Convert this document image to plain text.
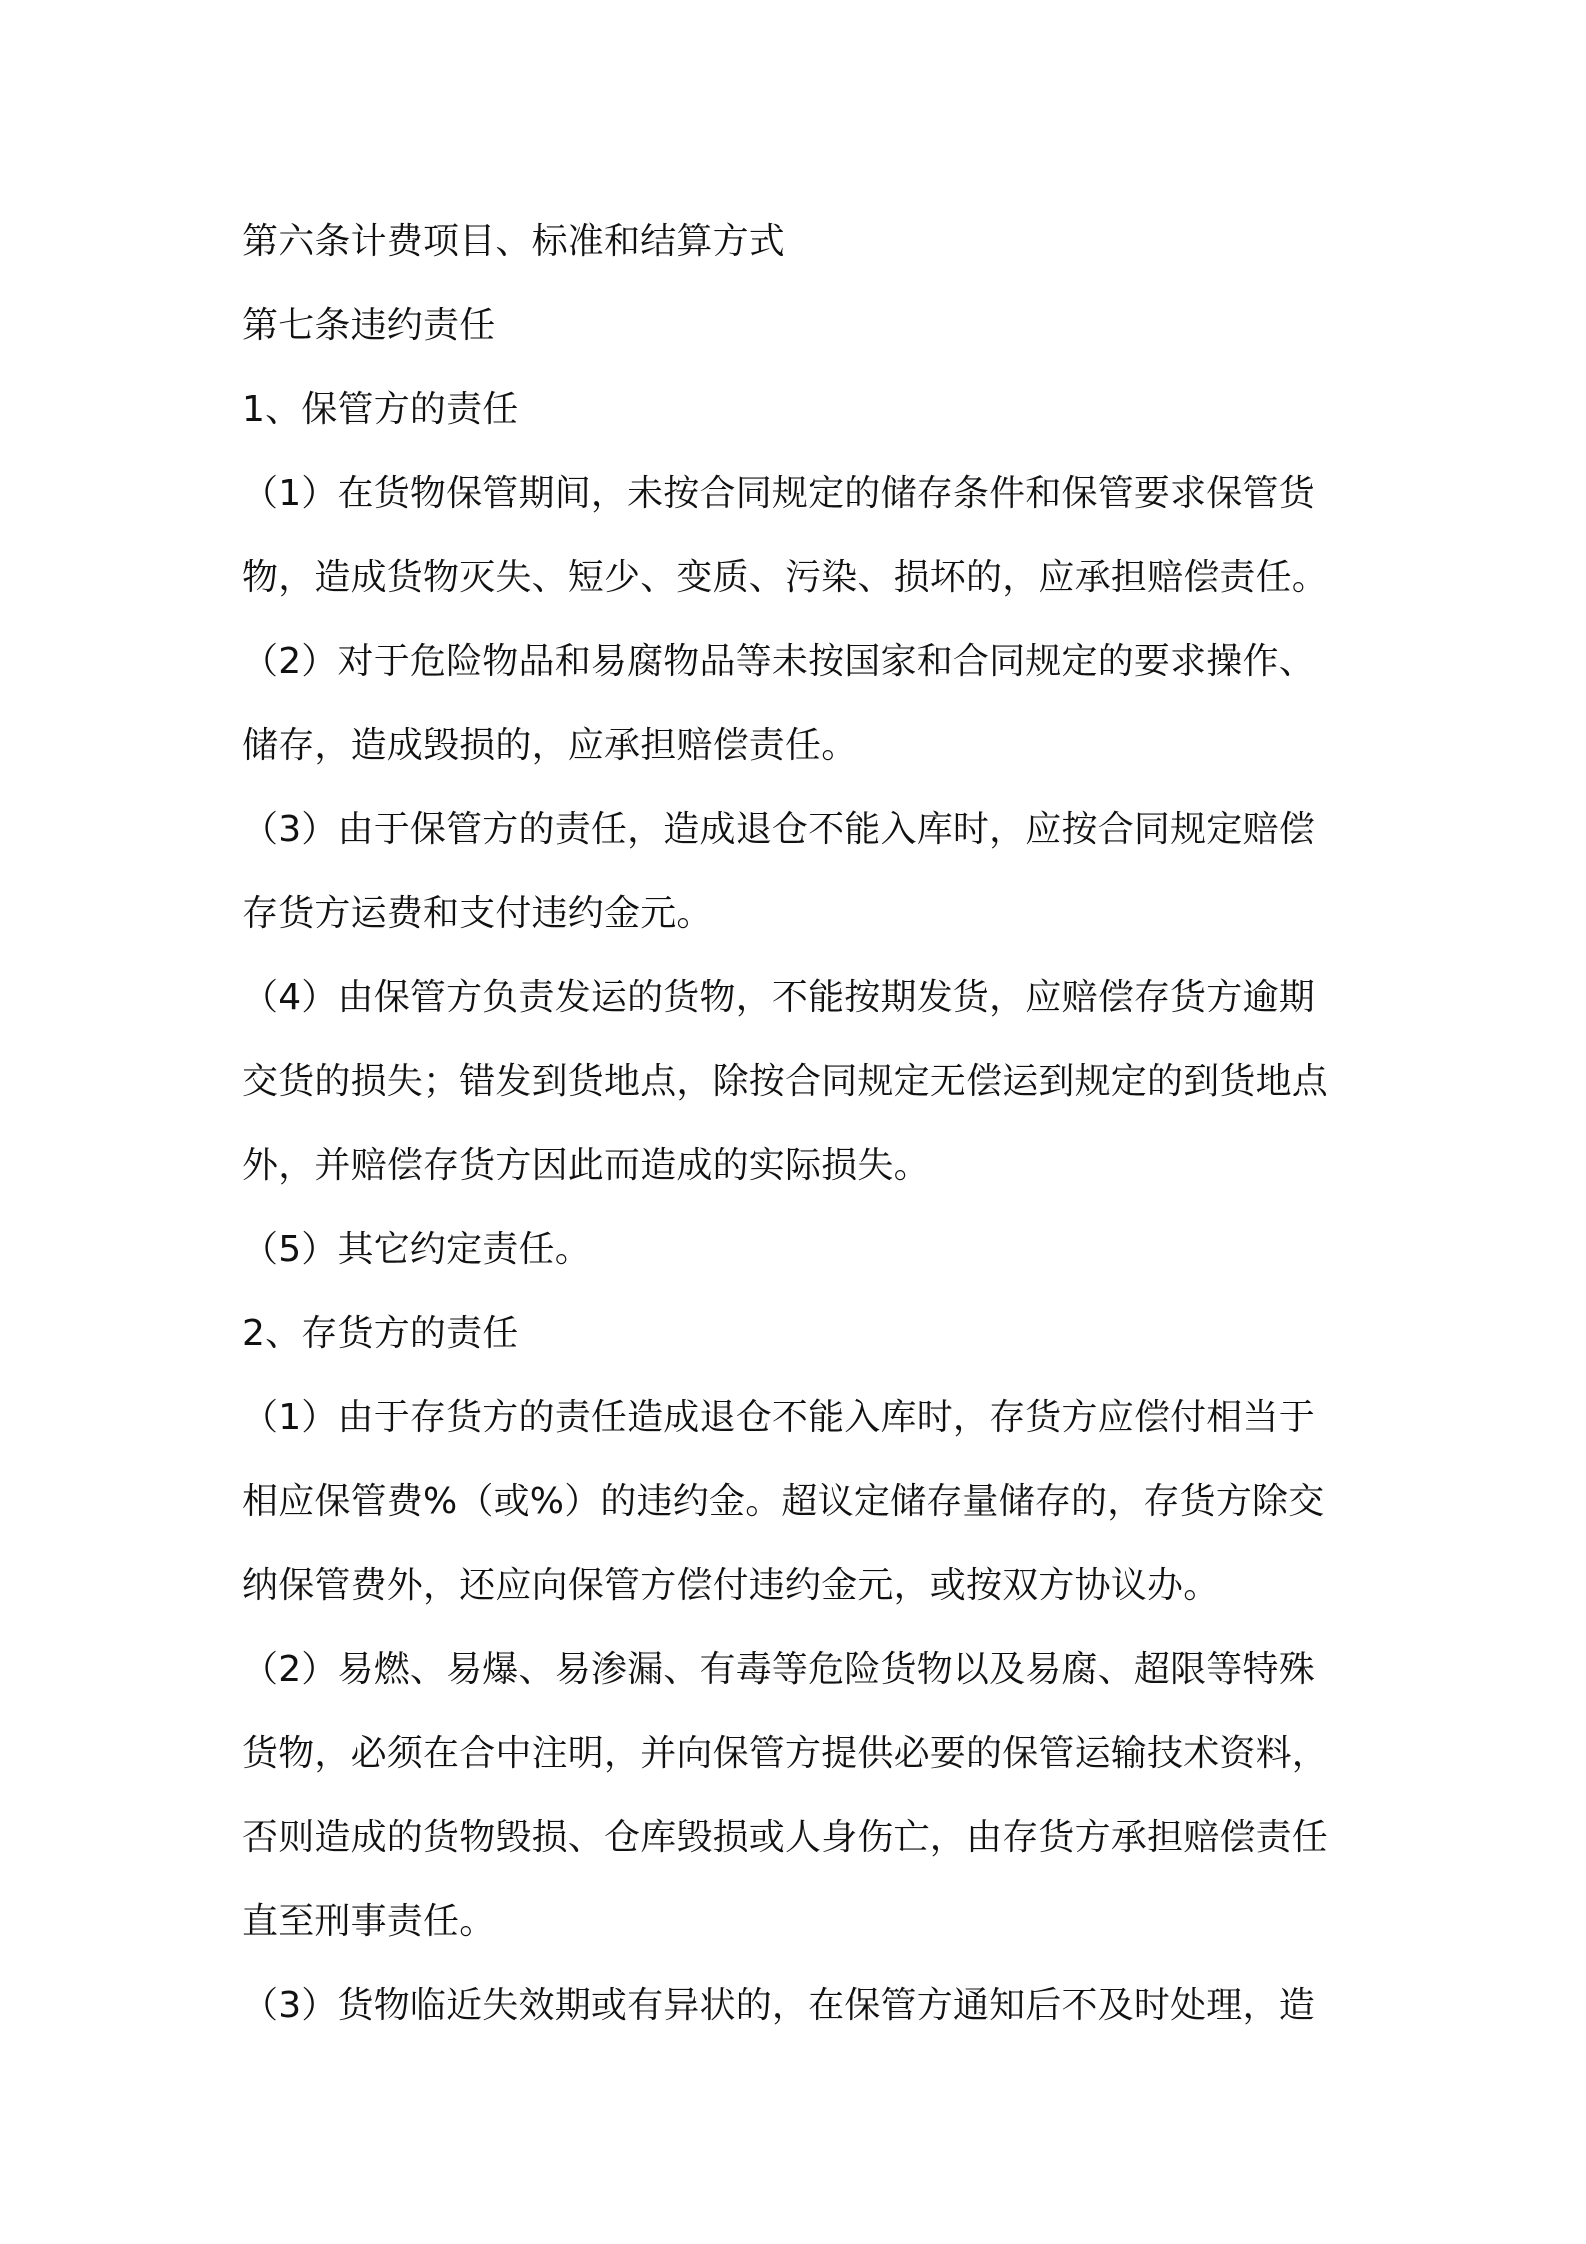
第六条计费项目、标准和结算方式
第七条违约责任
1、保管方的责任
（1）在货物保管期间，未按合同规定的储存条件和保管要求保管货
物，造成货物灭失、短少、变质、污染、损坏的，应承担赔偿责任。
（2）对于危险物品和易腐物品等未按国家和合同规定的要求操作、
储存，造成毁损的，应承担赔偿责任。
（3）由于保管方的责任，造成退仓不能入库时，应按合同规定赔偿
存货方运费和支付违约金元。
（4）由保管方负责发运的货物，不能按期发货，应赔偿存货方逾期
交货的损失；错发到货地点，除按合同规定无偿运到规定的到货地点
外，并赔偿存货方因此而造成的实际损失。
（5）其它约定责任。
2、存货方的责任
（1）由于存货方的责任造成退仓不能入库时，存货方应偿付相当于
相应保管费%（或%）的违约金。超议定储存量储存的，存货方除交
纳保管费外，还应向保管方偿付违约金元，或按双方协议办。
（2）易燃、易爆、易渗漏、有毒等危险货物以及易腐、超限等特殊
货物，必须在合中注明，并向保管方提供必要的保管运输技术资料，
否则造成的货物毁损、仓库毁损或人身伤亡，由存货方承担赔偿责任
直至刑事责任。
（3）货物临近失效期或有异状的，在保管方通知后不及时处理，造
